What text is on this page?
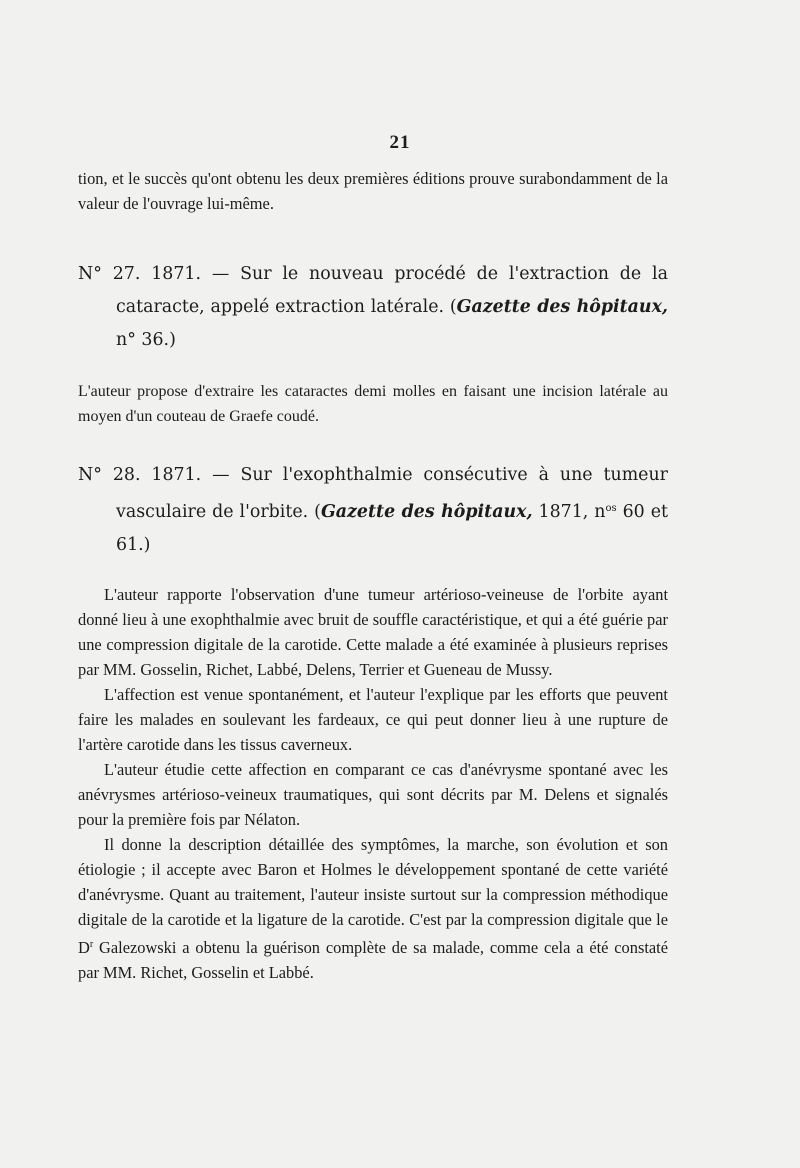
21

tion, et le succès qu'ont obtenu les deux premières éditions prouve surabondamment de la valeur de l'ouvrage lui-même.

N° 27. 1871. — Sur le nouveau procédé de l'extraction de la cataracte, appelé extraction latérale. (Gazette des hôpitaux, n° 36.)

L'auteur propose d'extraire les cataractes demi molles en faisant une incision latérale au moyen d'un couteau de Graefe coudé.

N° 28. 1871. — Sur l'exophthalmie consécutive à une tumeur vasculaire de l'orbite. (Gazette des hôpitaux, 1871, $n^{os}$ 60 et 61.)

L'auteur rapporte l'observation d'une tumeur artérioso-veineuse de l'orbite ayant donné lieu à une exophthalmie avec bruit de souffle caractéristique, et qui a été guérie par une compression digitale de la carotide. Cette malade a été examinée à plusieurs reprises par MM. Gosselin, Richet, Labbé, Delens, Terrier et Gueneau de Mussy.

L'affection est venue spontanément, et l'auteur l'explique par les efforts que peuvent faire les malades en soulevant les fardeaux, ce qui peut donner lieu à une rupture de l'artère carotide dans les tissus caverneux.

L'auteur étudie cette affection en comparant ce cas d'anévrysme spontané avec les anévrysmes artérioso-veineux traumatiques, qui sont décrits par M. Delens et signalés pour la première fois par Nélaton.

Il donne la description détaillée des symptômes, la marche, son évolution et son étiologie ; il accepte avec Baron et Holmes le développement spontané de cette variété d'anévrysme. Quant au traitement, l'auteur insiste surtout sur la compression méthodique digitale de la carotide et la ligature de la carotide. C'est par la compression digitale que le $D^r$ Galezowski a obtenu la guérison complète de sa malade, comme cela a été constaté par MM. Richet, Gosselin et Labbé.
